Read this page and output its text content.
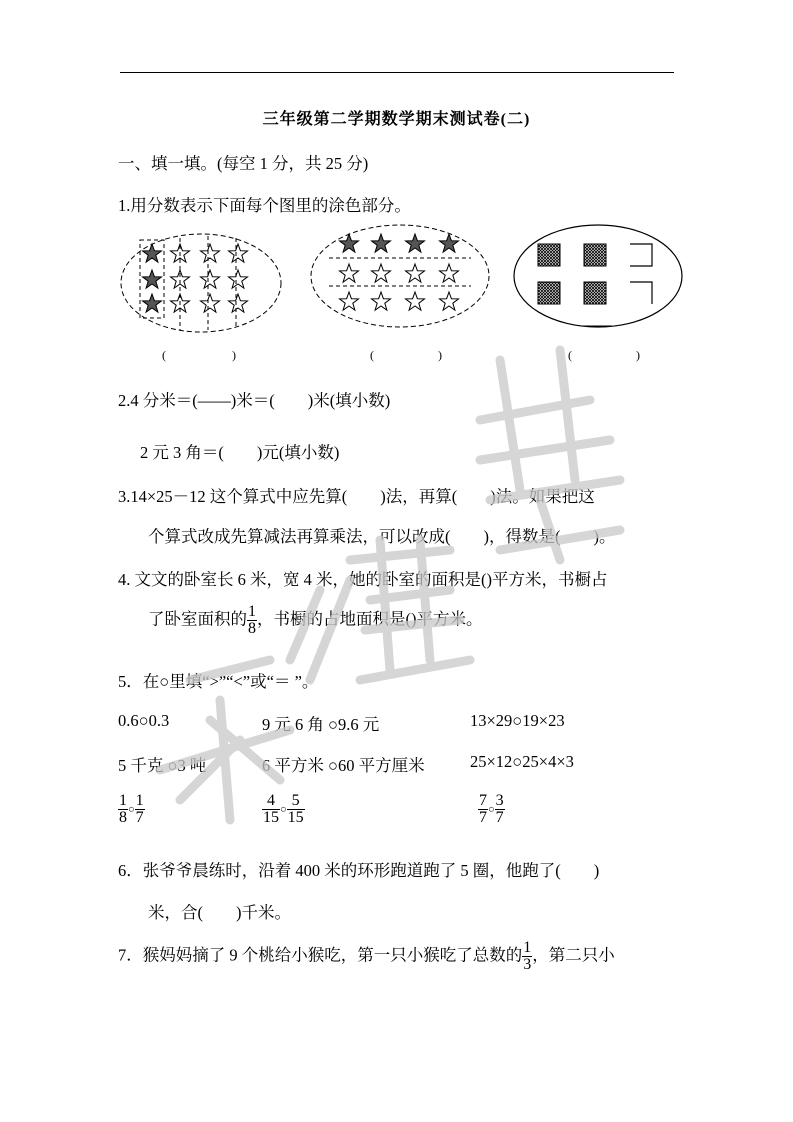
三年级第二学期数学期末测试卷(二)
一、填一填。(每空 1 分，共 25 分)
1.用分数表示下面每个图里的涂色部分。
(	)	(	)	(	)
2.4 分米＝(——)米＝(　　)米(填小数)
2 元 3 角＝(　　)元(填小数)
3.14×25－12 这个算式中应先算(　　)法，再算(　　)法。如果把这
个算式改成先算减法再算乘法，可以改成(　　)，得数是(　　)。
4. 文文的卧室长 6 米，宽 4 米，她的卧室的面积是()平方米，书橱占
了卧室面积的 $\frac{1}{8}$ ，书橱的占地面积是()平方米。
5．在○里填“>”“<”或“＝ ”。
0.6○0.3	9 元 6 角 ○9.6 元	13×29○19×23
5 千克 ○3 吨	6 平方米 ○60 平方厘米	25×12○25×4×3
$\frac{1}{8}$ ○ $\frac{1}{7}$	$\frac{4}{15}$ ○ $\frac{5}{15}$	$\frac{7}{7}$ ○ $\frac{3}{7}$
6．张爷爷晨练时，沿着 400 米的环形跑道跑了 5 圈，他跑了(　　)
米，合(　　)千米。
7．猴妈妈摘了 9 个桃给小猴吃，第一只小猴吃了总数的 $\frac{1}{3}$ ，第二只小
